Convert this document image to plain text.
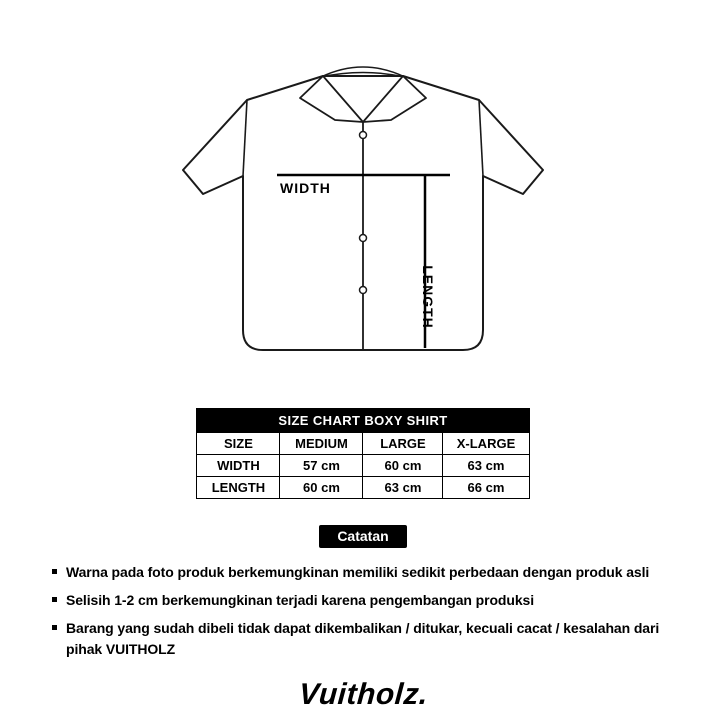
WIDTH
LENGTH
SIZE CHART BOXY SHIRT			
SIZE	MEDIUM	LARGE	X-LARGE
WIDTH	57 cm	60 cm	63 cm
LENGTH	60 cm	63 cm	66 cm
Catatan
Warna pada foto produk berkemungkinan memiliki sedikit perbedaan dengan produk asli
Selisih 1-2 cm berkemungkinan terjadi karena pengembangan produksi
Barang yang sudah dibeli tidak dapat dikembalikan / ditukar, kecuali cacat / kesalahan dari pihak VUITHOLZ
Vuitholz.
